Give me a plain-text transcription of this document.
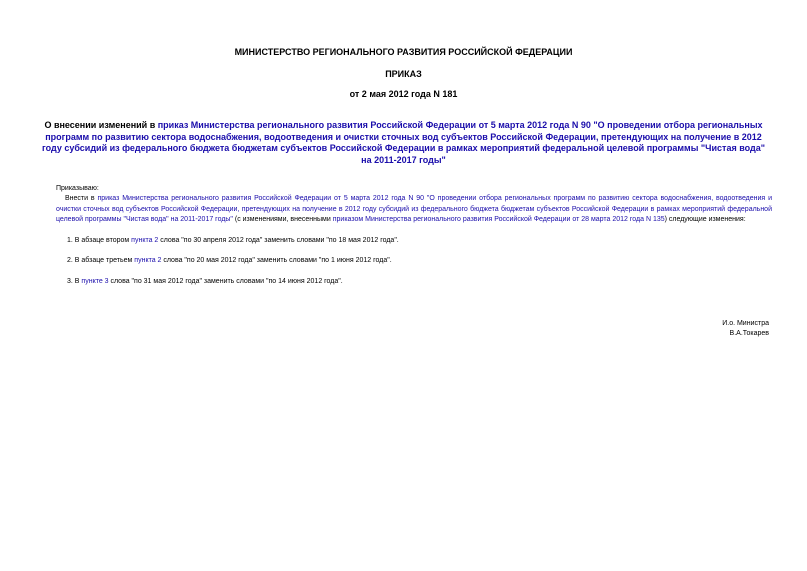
МИНИСТЕРСТВО РЕГИОНАЛЬНОГО РАЗВИТИЯ РОССИЙСКОЙ ФЕДЕРАЦИИ
ПРИКАЗ
от 2 мая 2012 года N 181
О внесении изменений в приказ Министерства регионального развития Российской Федерации от 5 марта 2012 года N 90 "О проведении отбора региональных программ по развитию сектора водоснабжения, водоотведения и очистки сточных вод субъектов Российской Федерации, претендующих на получение в 2012 году субсидий из федерального бюджета бюджетам субъектов Российской Федерации в рамках мероприятий федеральной целевой программы "Чистая вода" на 2011-2017 годы"
Приказываю:
Внести в приказ Министерства регионального развития Российской Федерации от 5 марта 2012 года N 90 "О проведении отбора региональных программ по развитию сектора водоснабжения, водоотведения и очистки сточных вод субъектов Российской Федерации, претендующих на получение в 2012 году субсидий из федерального бюджета бюджетам субъектов Российской Федерации в рамках мероприятий федеральной целевой программы "Чистая вода" на 2011-2017 годы" (с изменениями, внесенными приказом Министерства регионального развития Российской Федерации от 28 марта 2012 года N 135) следующие изменения:
1. В абзаце втором пункта 2 слова "по 30 апреля 2012 года" заменить словами "по 18 мая 2012 года".
2. В абзаце третьем пункта 2 слова "по 20 мая 2012 года" заменить словами "по 1 июня 2012 года".
3. В пункте 3 слова "по 31 мая 2012 года" заменить словами "по 14 июня 2012 года".
И.о. Министра
В.А.Токарев
